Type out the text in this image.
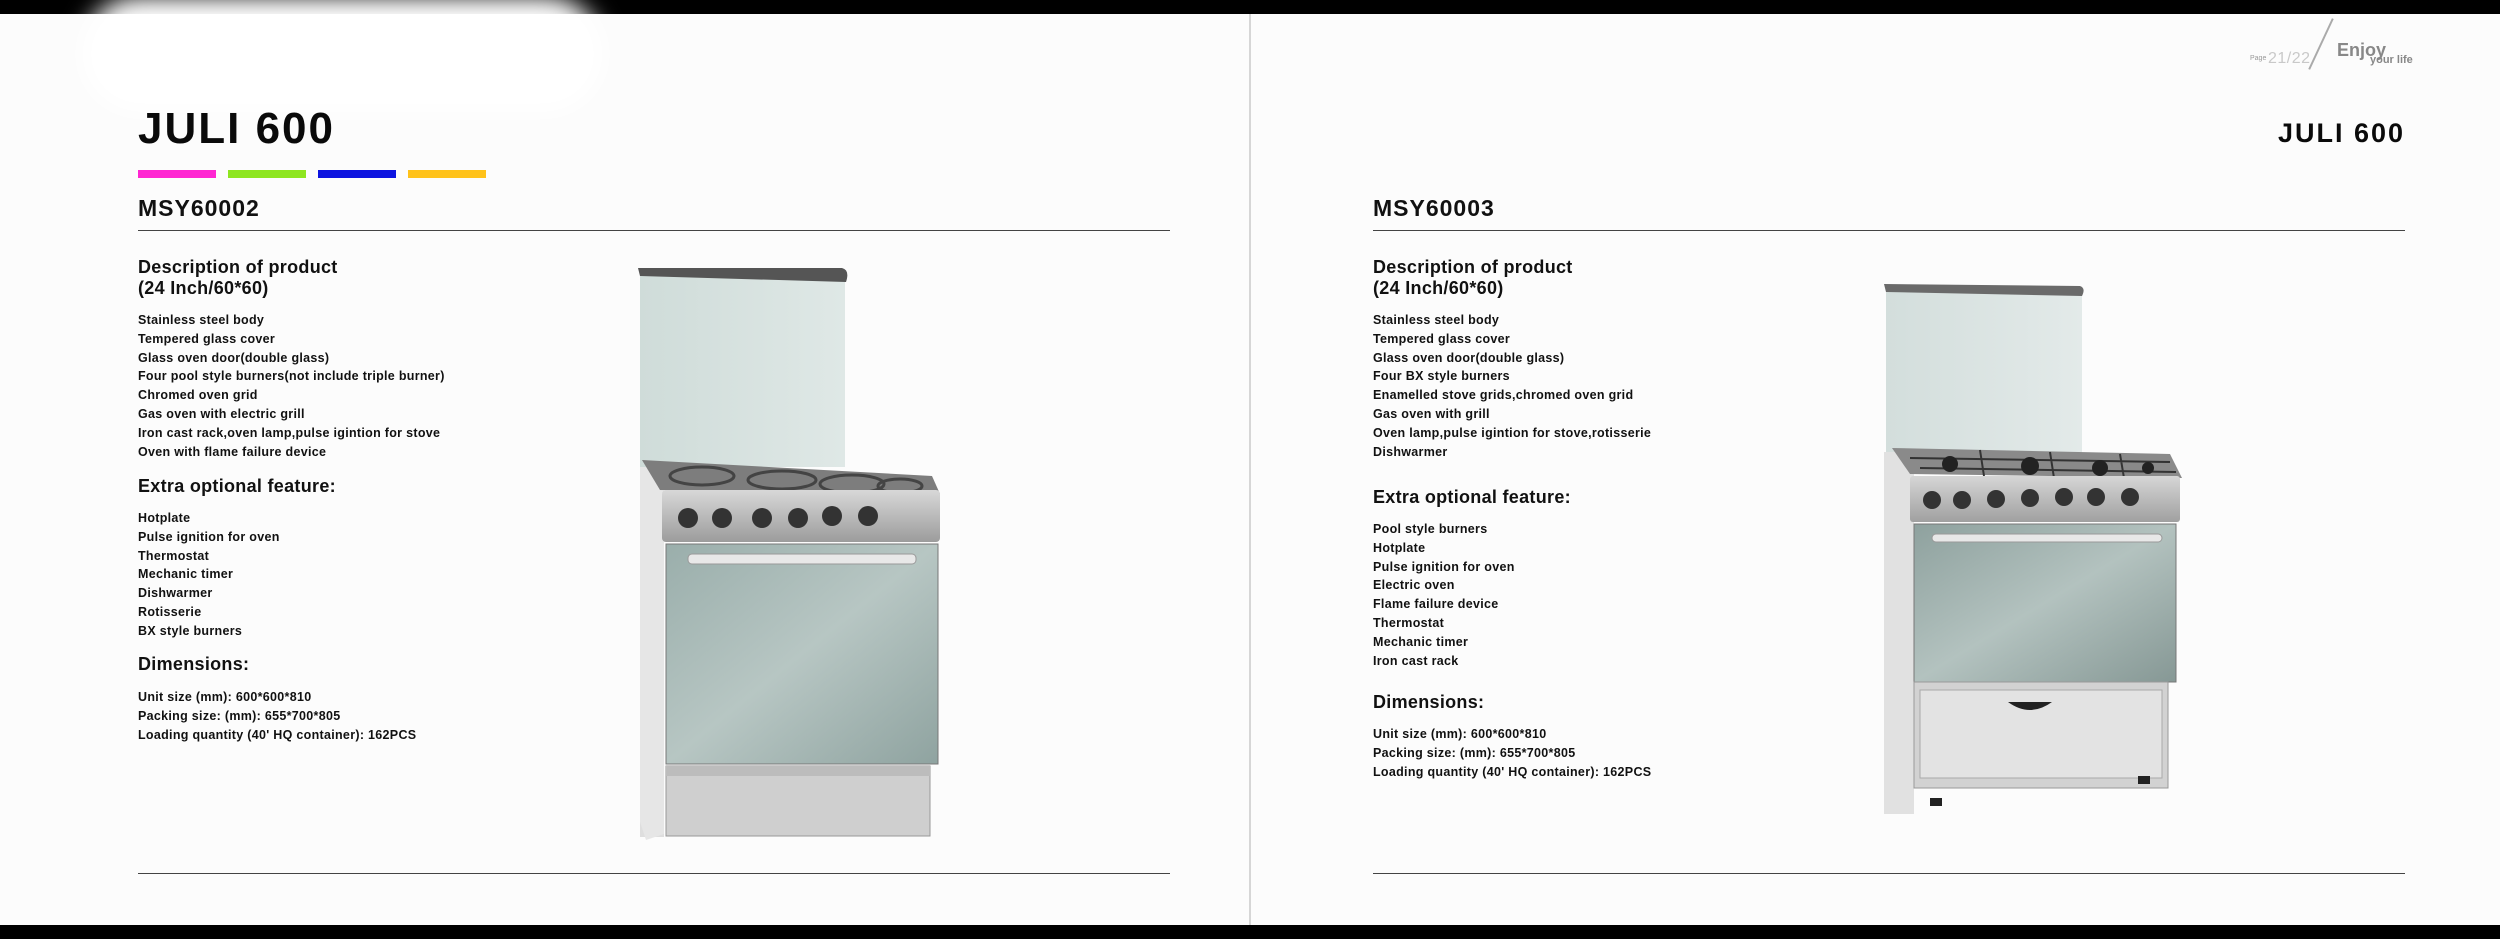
JULI 600
MSY60002
Description of product
(24 Inch/60*60)
Stainless steel body
Tempered glass cover
Glass oven door(double glass)
Four pool style burners(not include triple burner)
Chromed oven grid
Gas oven with electric grill
Iron cast rack,oven lamp,pulse igintion for stove
Oven with flame failure device
Extra optional feature:
Hotplate
Pulse ignition for oven
Thermostat
Mechanic timer
Dishwarmer
Rotisserie
BX style burners
Dimensions:
Unit size (mm): 600*600*810
Packing size: (mm): 655*700*805
Loading quantity (40' HQ container): 162PCS
Page 21/22 Enjoy
your life
JULI 600
MSY60003
Description of product
(24 Inch/60*60)
Stainless steel body
Tempered glass cover
Glass oven door(double glass)
Four BX style burners
Enamelled stove grids,chromed oven grid
Gas oven with grill
Oven lamp,pulse igintion for stove,rotisserie
Dishwarmer
Extra optional feature:
Pool style burners
Hotplate
Pulse ignition for oven
Electric oven
Flame failure device
Thermostat
Mechanic timer
Iron cast rack
Dimensions:
Unit size (mm): 600*600*810
Packing size: (mm): 655*700*805
Loading quantity (40' HQ container): 162PCS
